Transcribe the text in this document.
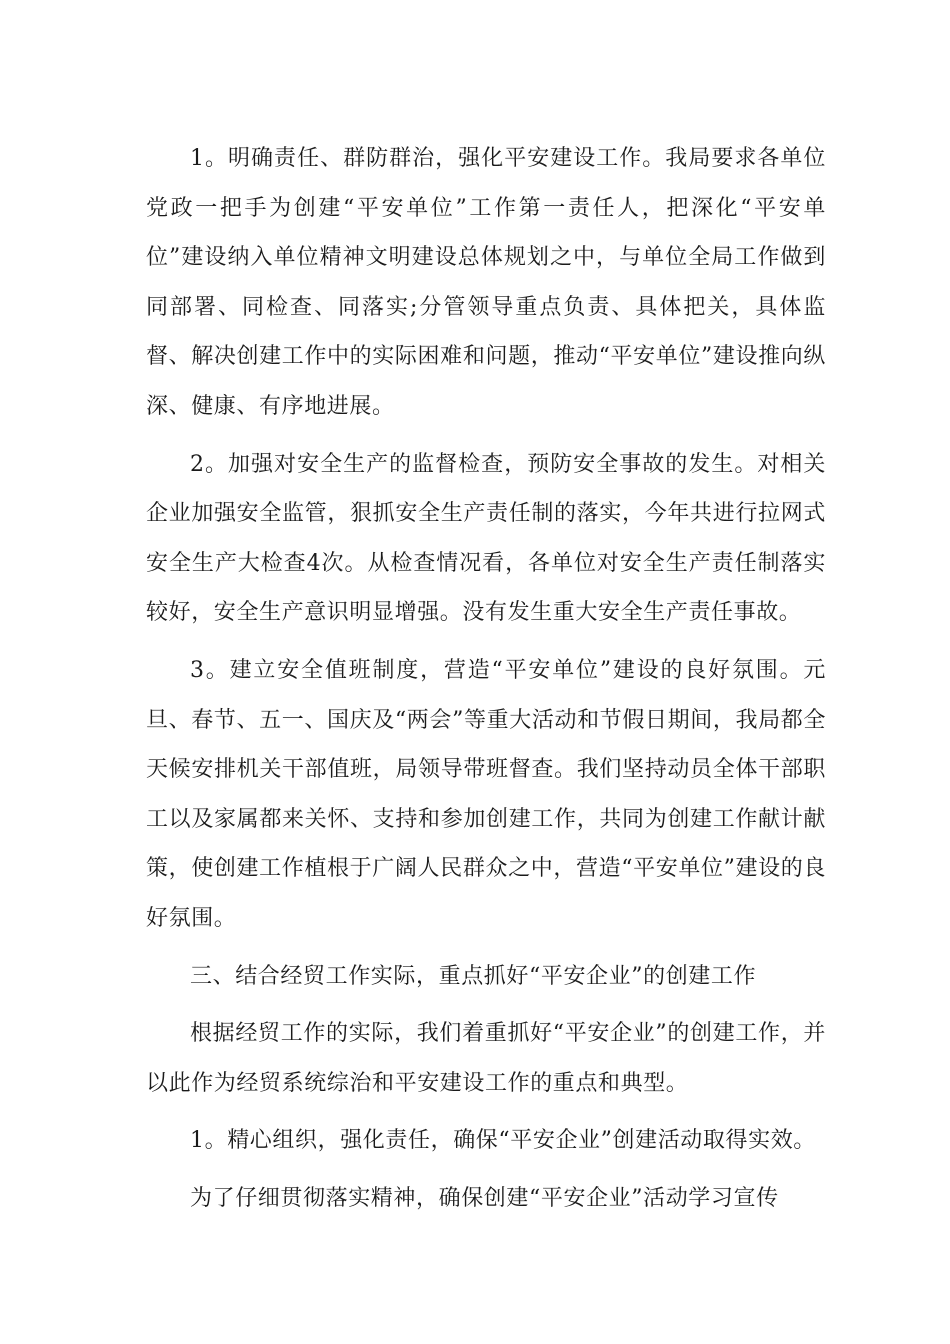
1。明确责任、群防群治，强化平安建设工作。我局要求各单位党政一把手为创建“平安单位”工作第一责任人，把深化“平安单位”建设纳入单位精神文明建设总体规划之中，与单位全局工作做到同部署、同检查、同落实;分管领导重点负责、具体把关，具体监督、解决创建工作中的实际困难和问题，推动“平安单位”建设推向纵深、健康、有序地进展。

2。加强对安全生产的监督检查，预防安全事故的发生。对相关企业加强安全监管，狠抓安全生产责任制的落实，今年共进行拉网式安全生产大检查4次。从检查情况看，各单位对安全生产责任制落实较好，安全生产意识明显增强。没有发生重大安全生产责任事故。

3。建立安全值班制度，营造“平安单位”建设的良好氛围。元旦、春节、五一、国庆及“两会”等重大活动和节假日期间，我局都全天候安排机关干部值班，局领导带班督查。我们坚持动员全体干部职工以及家属都来关怀、支持和参加创建工作，共同为创建工作献计献策，使创建工作植根于广阔人民群众之中，营造“平安单位”建设的良好氛围。

三、结合经贸工作实际，重点抓好“平安企业”的创建工作

根据经贸工作的实际，我们着重抓好“平安企业”的创建工作，并以此作为经贸系统综治和平安建设工作的重点和典型。

1。精心组织，强化责任，确保“平安企业”创建活动取得实效。

为了仔细贯彻落实精神，确保创建“平安企业”活动学习宣传
